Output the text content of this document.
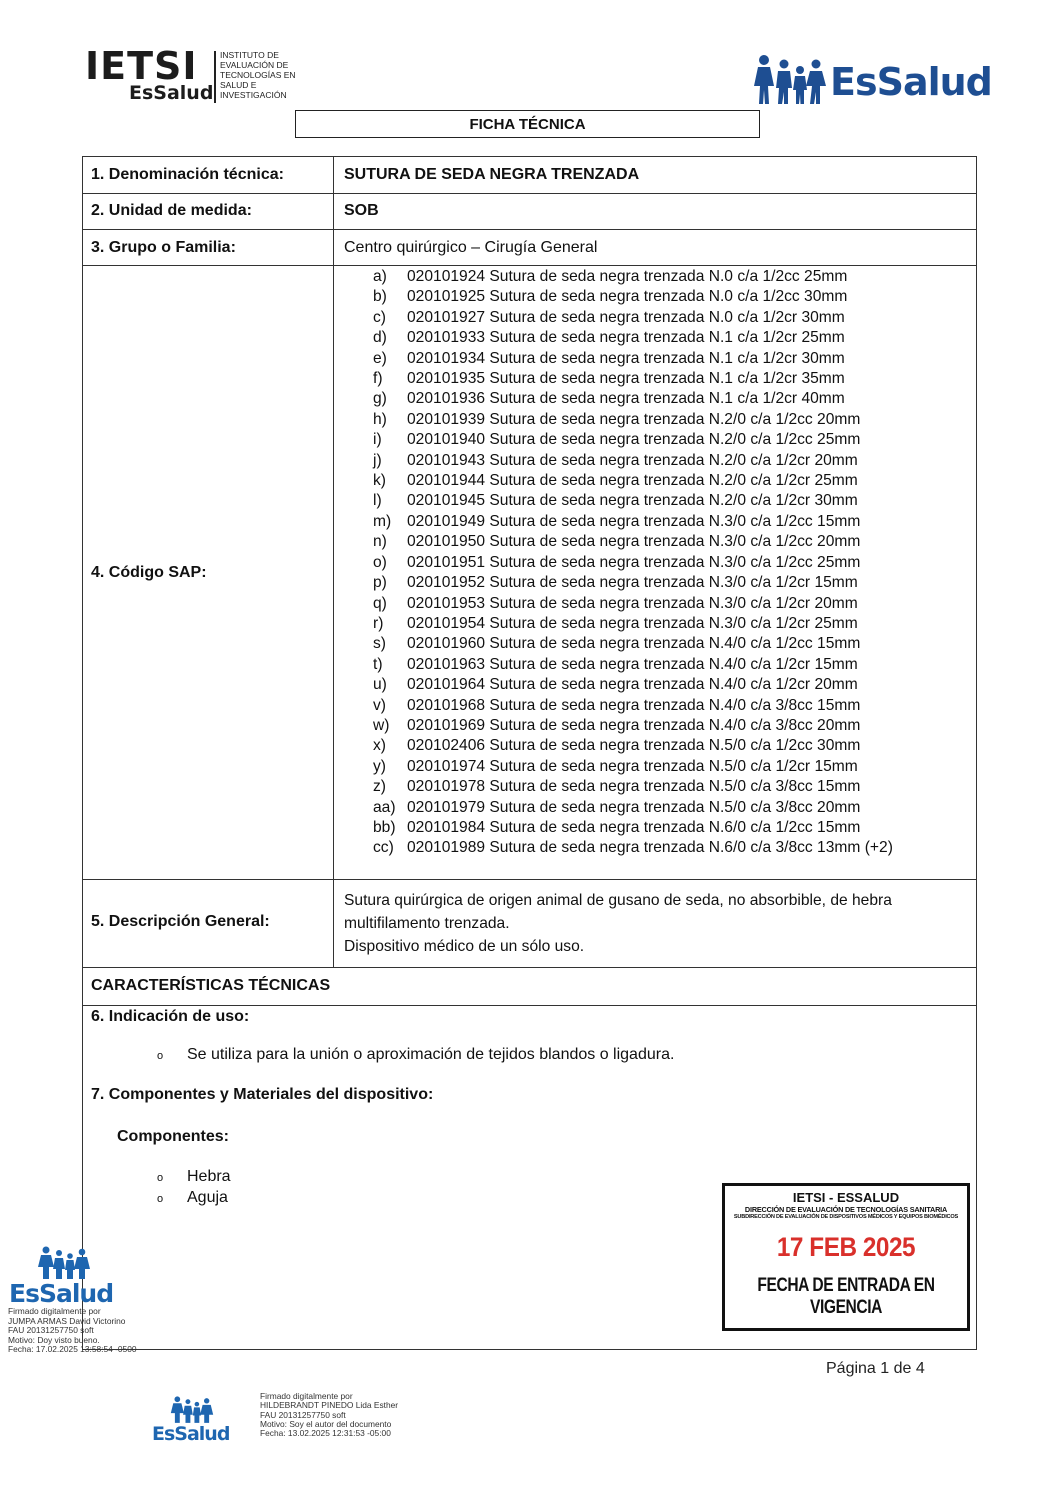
IETSI
EsSalud
INSTITUTO DE
EVALUACIÓN DE
TECNOLOGÍAS EN
SALUD E
INVESTIGACIÓN	EsSalud
FICHA TÉCNICA
1. Denominación técnica:	SUTURA DE SEDA NEGRA TRENZADA
2. Unidad de medida:	SOB
3. Grupo o Familia:	Centro quirúrgico – Cirugía General
4. Código SAP:
a) 020101924 Sutura de seda negra trenzada N.0 c/a 1/2cc 25mm
b) 020101925 Sutura de seda negra trenzada N.0 c/a 1/2cc 30mm
c) 020101927 Sutura de seda negra trenzada N.0 c/a 1/2cr 30mm
d) 020101933 Sutura de seda negra trenzada N.1 c/a 1/2cr 25mm
e) 020101934 Sutura de seda negra trenzada N.1 c/a 1/2cr 30mm
f) 020101935 Sutura de seda negra trenzada N.1 c/a 1/2cr 35mm
g) 020101936 Sutura de seda negra trenzada N.1 c/a 1/2cr 40mm
h) 020101939 Sutura de seda negra trenzada N.2/0 c/a 1/2cc 20mm
i) 020101940 Sutura de seda negra trenzada N.2/0 c/a 1/2cc 25mm
j) 020101943 Sutura de seda negra trenzada N.2/0 c/a 1/2cr 20mm
k) 020101944 Sutura de seda negra trenzada N.2/0 c/a 1/2cr 25mm
l) 020101945 Sutura de seda negra trenzada N.2/0 c/a 1/2cr 30mm
m) 020101949 Sutura de seda negra trenzada N.3/0 c/a 1/2cc 15mm
n) 020101950 Sutura de seda negra trenzada N.3/0 c/a 1/2cc 20mm
o) 020101951 Sutura de seda negra trenzada N.3/0 c/a 1/2cc 25mm
p) 020101952 Sutura de seda negra trenzada N.3/0 c/a 1/2cr 15mm
q) 020101953 Sutura de seda negra trenzada N.3/0 c/a 1/2cr 20mm
r) 020101954 Sutura de seda negra trenzada N.3/0 c/a 1/2cr 25mm
s) 020101960 Sutura de seda negra trenzada N.4/0 c/a 1/2cc 15mm
t) 020101963 Sutura de seda negra trenzada N.4/0 c/a 1/2cr 15mm
u) 020101964 Sutura de seda negra trenzada N.4/0 c/a 1/2cr 20mm
v) 020101968 Sutura de seda negra trenzada N.4/0 c/a 3/8cc 15mm
w) 020101969 Sutura de seda negra trenzada N.4/0 c/a 3/8cc 20mm
x) 020102406 Sutura de seda negra trenzada N.5/0 c/a 1/2cc 30mm
y) 020101974 Sutura de seda negra trenzada N.5/0 c/a 1/2cr 15mm
z) 020101978 Sutura de seda negra trenzada N.5/0 c/a 3/8cc 15mm
aa) 020101979 Sutura de seda negra trenzada N.5/0 c/a 3/8cc 20mm
bb) 020101984 Sutura de seda negra trenzada N.6/0 c/a 1/2cc 15mm
cc) 020101989 Sutura de seda negra trenzada N.6/0 c/a 3/8cc 13mm (+2)
5. Descripción General:
Sutura quirúrgica de origen animal de gusano de seda, no absorbible, de hebra
multifilamento trenzada.
Dispositivo médico de un sólo uso.
CARACTERÍSTICAS TÉCNICAS
6. Indicación de uso:
o Se utiliza para la unión o aproximación de tejidos blandos o ligadura.
7. Componentes y Materiales del dispositivo:
Componentes:
o Hebra
o Aguja	IETSI - ESSALUD
DIRECCIÓN DE EVALUACIÓN DE TECNOLOGÍAS SANITARIA
SUBDIRECCIÓN DE EVALUACIÓN DE DISPOSITIVOS MÉDICOS Y EQUIPOS BIOMÉDICOS
17 FEB 2025
FECHA DE ENTRADA EN VIGENCIA
EsSalud
Firmado digitalmente por
JUMPA ARMAS David Victorino
FAU 20131257750 soft
Motivo: Doy visto bueno.
Fecha: 17.02.2025 13:58:54 -0500
Página 1 de 4
EsSalud
Firmado digitalmente por
HILDEBRANDT PINEDO Lida Esther
FAU 20131257750 soft
Motivo: Soy el autor del documento
Fecha: 13.02.2025 12:31:53 -05:00
